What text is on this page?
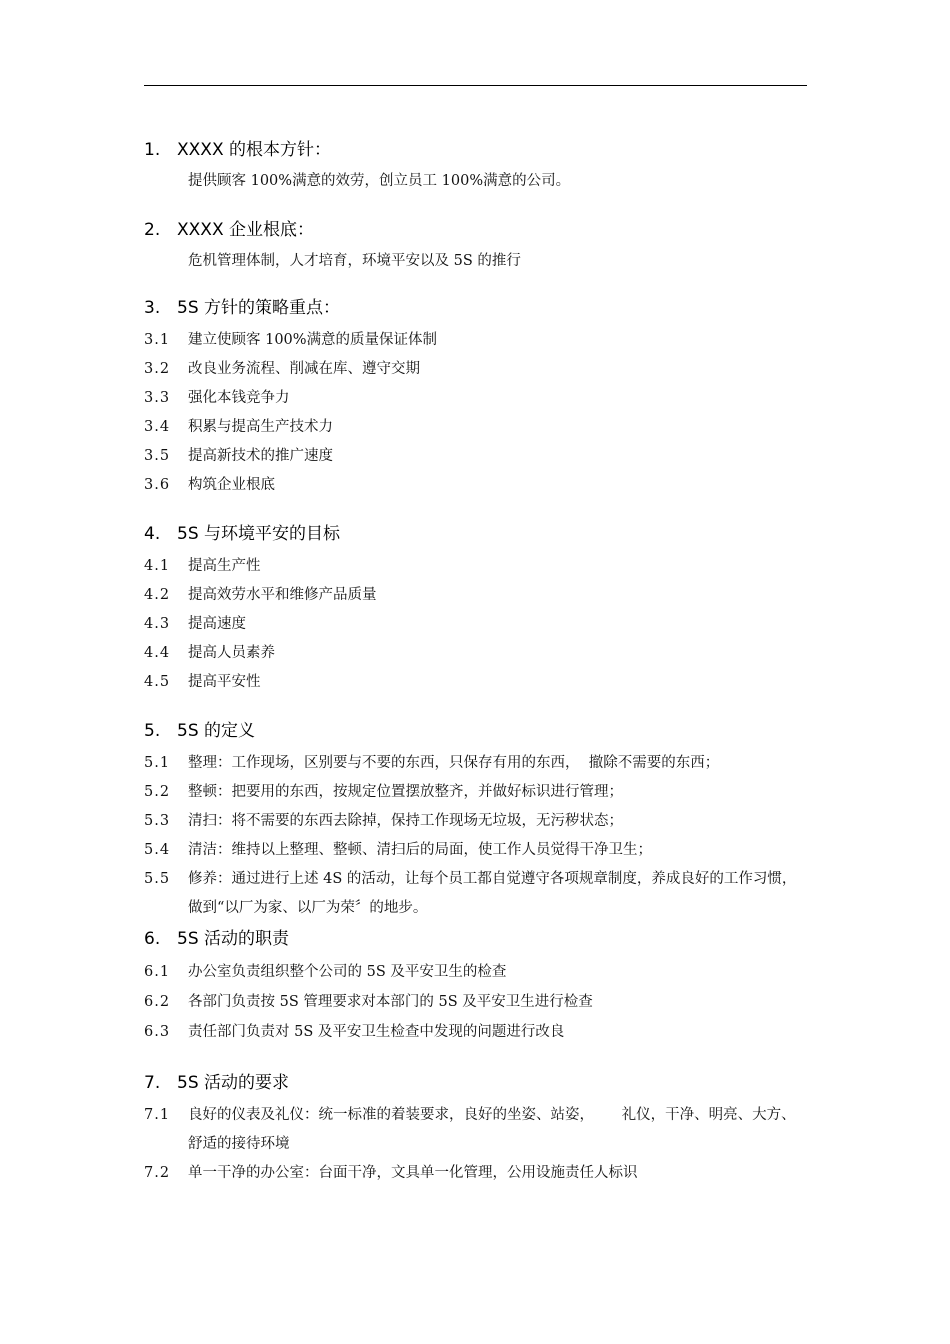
1. XXXX 的根本方针：
提供顾客 100%满意的效劳，创立员工 100%满意的公司。
2. XXXX 企业根底：
危机管理体制，人才培育，环境平安以及 5S 的推行
3. 5S 方针的策略重点：
3.1	建立使顾客 100%满意的质量保证体制
3.2	改良业务流程、削减在库、遵守交期
3.3	强化本钱竞争力
3.4	积累与提高生产技术力
3.5	提高新技术的推广速度
3.6	构筑企业根底
4. 5S 与环境平安的目标
4.1	提高生产性
4.2	提高效劳水平和维修产品质量
4.3	提高速度
4.4	提高人员素养
4.5	提高平安性
5. 5S 的定义
5.1	整理：工作现场，区别要与不要的东西，只保存有用的东西，  撤除不需要的东西；
5.2	整顿：把要用的东西，按规定位置摆放整齐，并做好标识进行管理；
5.3	清扫：将不需要的东西去除掉，保持工作现场无垃圾，无污秽状态；
5.4	清洁：维持以上整理、整顿、清扫后的局面，使工作人员觉得干净卫生；
5.5	修养：通过进行上述 4S 的活动，让每个员工都自觉遵守各项规章制度，养成良好的工作习惯，做到“以厂为家、以厂为荣〞的地步。
6. 5S 活动的职责
6.1	办公室负责组织整个公司的 5S 及平安卫生的检查
6.2	各部门负责按 5S 管理要求对本部门的 5S 及平安卫生进行检查
6.3	责任部门负责对 5S 及平安卫生检查中发现的问题进行改良
7. 5S 活动的要求
7.1	良好的仪表及礼仪：统一标准的着装要求，良好的坐姿、站姿，      礼仪，干净、明亮、大方、舒适的接待环境
7.2	单一干净的办公室：台面干净，文具单一化管理，公用设施责任人标识
